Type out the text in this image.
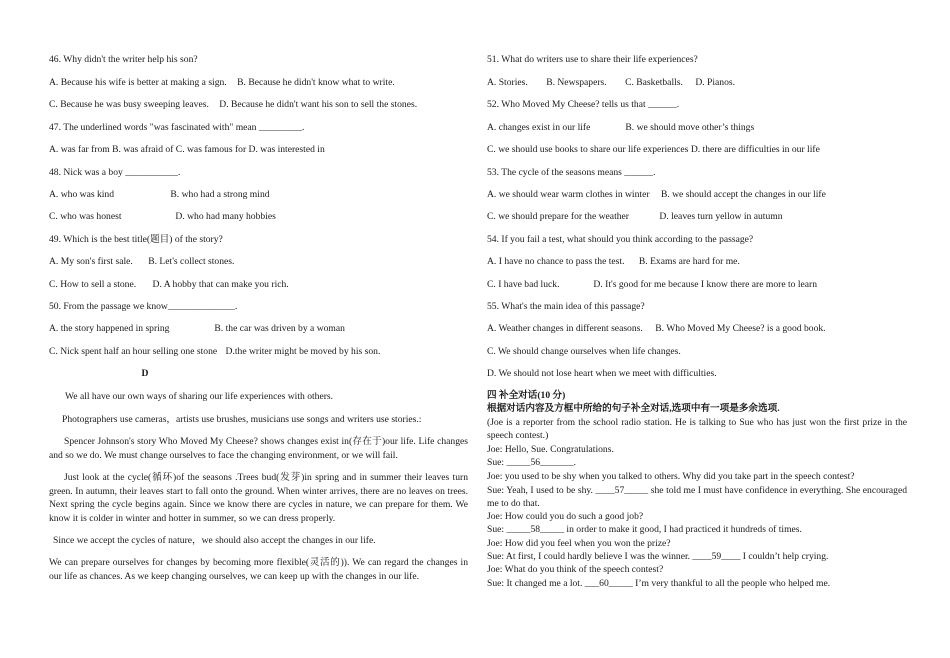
46. Why didn't the writer help his son?
A. Because his wife is better at making a sign. B. Because he didn't know what to write.
C. Because he was busy sweeping leaves. D. Because he didn't want his son to sell the stones.
47. The underlined words "was fascinated with" mean _________.
A. was far from B. was afraid of C. was famous for D. was interested in
48. Nick was a boy ___________.
A. who was kind	B. who had a strong mind
C. who was honest	D. who had many hobbies
49. Which is the best title(题目) of the story?
A. My son's first sale. B. Let's collect stones.
C. How to sell a stone. D. A hobby that can make you rich.
50. From the passage we know______________.
A. the story happened in spring	B. the car was driven by a woman
C. Nick spent half an hour selling one stone D.the writer might be moved by his son.
D
We all have our own ways of sharing our life experiences with others.
Photographers use cameras，artists use brushes, musicians use songs and writers use stories.:
Spencer Johnson's story Who Moved My Cheese? shows changes exist in(存在于)our life. Life changes and so we do. We must change ourselves to face the changing environment, or we will fail.
Just look at the cycle(循环)of the seasons .Trees bud(发芽)in spring and in summer their leaves turn green. In autumn, their leaves start to fall onto the ground. When winter arrives, there are no leaves on trees. Next spring the cycle begins again. Since we know there are cycles in nature, we can prepare for them. We know it is colder in winter and hotter in summer, so we can dress properly.
Since we accept the cycles of nature，we should also accept the changes in our life.
We can prepare ourselves for changes by becoming more flexible(灵活的)). We can regard the changes in our life as chances. As we keep changing ourselves, we can keep up with the changes in our life.
51. What do writers use to share their life experiences?
A. Stories. B. Newspapers. C. Basketballs. D. Pianos.
52. Who Moved My Cheese? tells us that ______.
A. changes exist in our life	B. we should move other’s things
C. we should use books to share our life experiences D. there are difficulties in our life
53. The cycle of the seasons means ______.
A. we should wear warm clothes in winter B. we should accept the changes in our life
C. we should prepare for the weather	D. leaves turn yellow in autumn
54. If you fail a test, what should you think according to the passage?
A. I have no chance to pass the test. B. Exams are hard for me.
C. I have bad luck.	D. It's good for me because I know there are more to learn
55. What's the main idea of this passage?
A. Weather changes in different seasons. B. Who Moved My Cheese? is a good book.
C. We should change ourselves when life changes.
D. We should not lose heart when we meet with difficulties.
四 补全对话(10 分)
根据对话内容及方框中所给的句子补全对话,选项中有一项是多余选项.
(Joe is a reporter from the school radio station. He is talking to Sue who has just won the first prize in the speech contest.)
Joe: Hello, Sue. Congratulations.
Sue: _____56_______.
Joe: you used to be shy when you talked to others. Why did you take part in the speech contest?
Sue: Yeah, I used to be shy. ____57_____ she told me I must have confidence in everything. She encouraged me to do that.
Joe: How could you do such a good job?
Sue: _____58_____ in order to make it good, I had practiced it hundreds of times.
Joe: How did you feel when you won the prize?
Sue: At first, I could hardly believe I was the winner. ____59____ I couldn’t help crying.
Joe: What do you think of the speech contest?
Sue: It changed me a lot. ___60_____ I’m very thankful to all the people who helped me.
